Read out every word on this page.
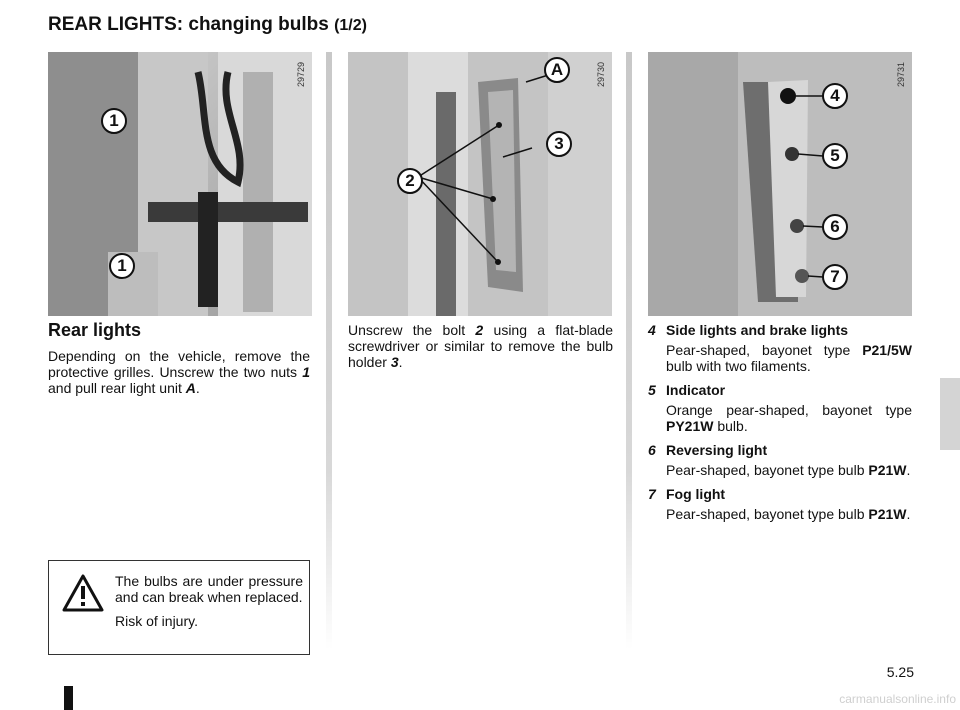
REAR LIGHTS: changing bulbs (1/2)
1
1
29729	A
3
2
29730
4
5
6
7
29731
Rear lights
Depending on the vehicle, remove the protective grilles. Unscrew the two nuts 1 and pull rear light unit A.
Unscrew the bolt 2 using a flat-blade screwdriver or similar to remove the bulb holder 3.
4 Side lights and brake lights
Pear-shaped, bayonet type P21/5W bulb with two filaments.
5 Indicator
Orange pear-shaped, bayonet type PY21W bulb.
6 Reversing light
Pear-shaped, bayonet type bulb P21W.
7 Fog light
Pear-shaped, bayonet type bulb P21W.

The bulbs are under pressure and can break when replaced.

Risk of injury.

5.25
carmanualsonline.info
